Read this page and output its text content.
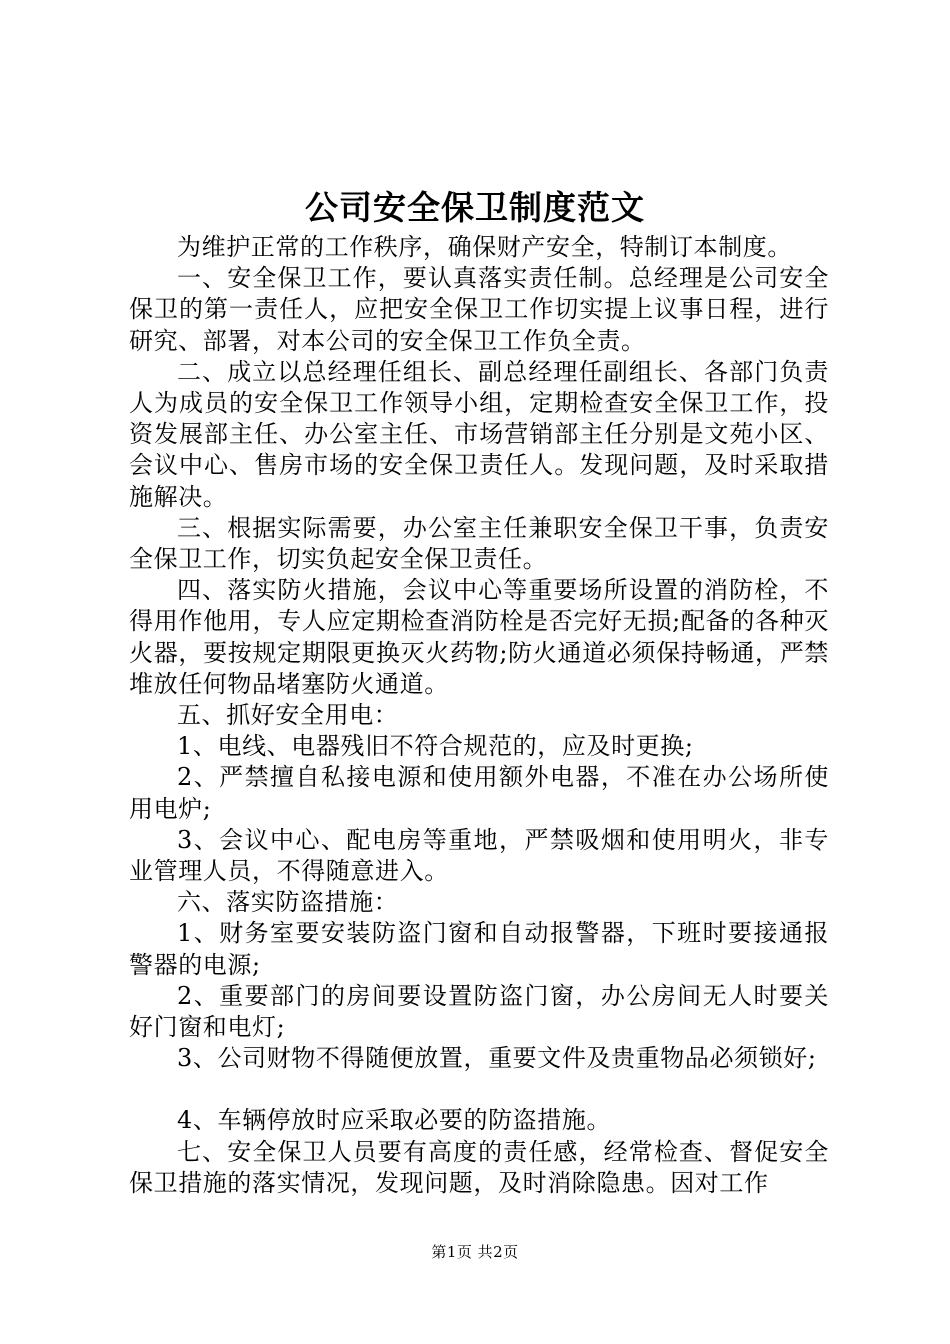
公司安全保卫制度范文

为维护正常的工作秩序，确保财产安全，特制订本制度。

一、安全保卫工作，要认真落实责任制。总经理是公司安全保卫的第一责任人，应把安全保卫工作切实提上议事日程，进行研究、部署，对本公司的安全保卫工作负全责。

二、成立以总经理任组长、副总经理任副组长、各部门负责人为成员的安全保卫工作领导小组，定期检查安全保卫工作，投资发展部主任、办公室主任、市场营销部主任分别是文苑小区、会议中心、售房市场的安全保卫责任人。发现问题，及时采取措施解决。

三、根据实际需要，办公室主任兼职安全保卫干事，负责安全保卫工作，切实负起安全保卫责任。

四、落实防火措施，会议中心等重要场所设置的消防栓，不得用作他用，专人应定期检查消防栓是否完好无损;配备的各种灭火器，要按规定期限更换灭火药物;防火通道必须保持畅通，严禁堆放任何物品堵塞防火通道。

五、抓好安全用电：

1、电线、电器残旧不符合规范的，应及时更换;

2、严禁擅自私接电源和使用额外电器，不准在办公场所使用电炉;

3、会议中心、配电房等重地，严禁吸烟和使用明火，非专业管理人员，不得随意进入。

六、落实防盗措施：

1、财务室要安装防盗门窗和自动报警器，下班时要接通报警器的电源;

2、重要部门的房间要设置防盗门窗，办公房间无人时要关好门窗和电灯;

3、公司财物不得随便放置，重要文件及贵重物品必须锁好;

4、车辆停放时应采取必要的防盗措施。

七、安全保卫人员要有高度的责任感，经常检查、督促安全保卫措施的落实情况，发现问题，及时消除隐患。因对工作

第1页 共2页
